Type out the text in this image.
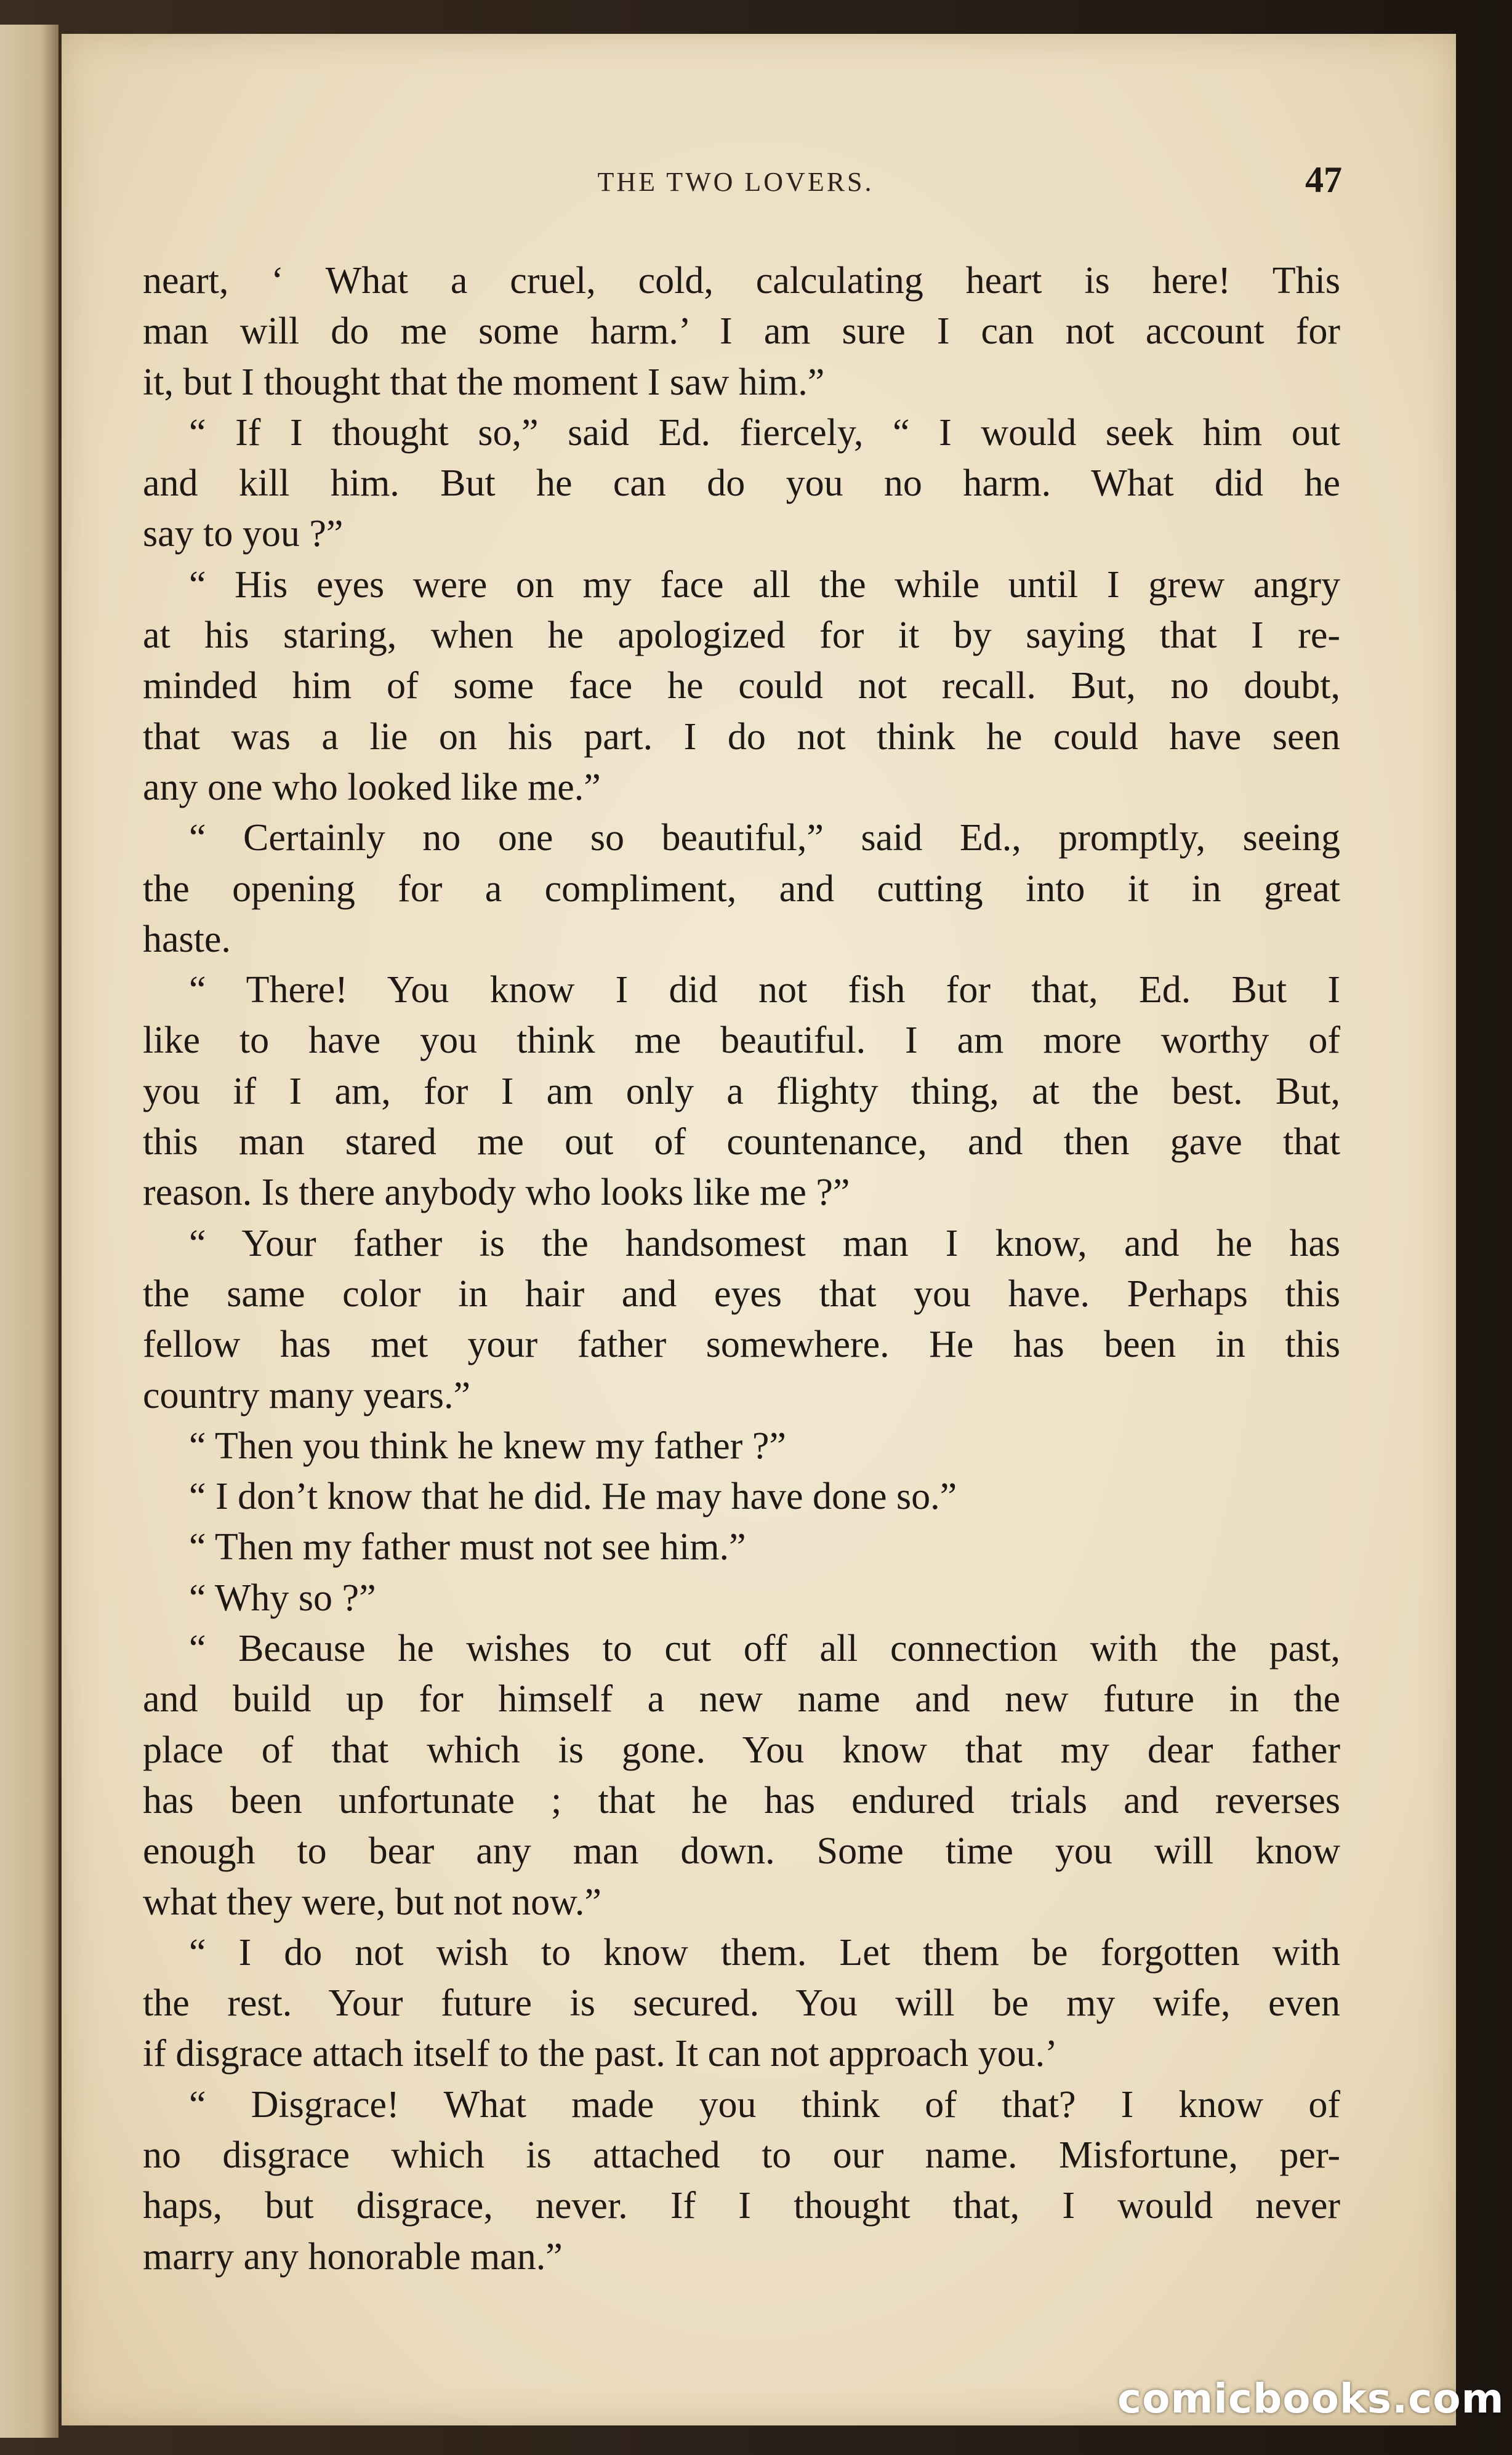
THE TWO LOVERS.	47
neart, ‘ What a cruel, cold, calculating heart is here! This
man will do me some harm.’ I am sure I can not account for
it, but I thought that the moment I saw him.”
“ If I thought so,” said Ed. fiercely, “ I would seek him out
and kill him. But he can do you no harm. What did he
say to you ?”
“ His eyes were on my face all the while until I grew angry
at his staring, when he apologized for it by saying that I re-
minded him of some face he could not recall. But, no doubt,
that was a lie on his part. I do not think he could have seen
any one who looked like me.”
“ Certainly no one so beautiful,” said Ed., promptly, seeing
the opening for a compliment, and cutting into it in great
haste.
“ There! You know I did not fish for that, Ed. But I
like to have you think me beautiful. I am more worthy of
you if I am, for I am only a flighty thing, at the best. But,
this man stared me out of countenance, and then gave that
reason. Is there anybody who looks like me ?”
“ Your father is the handsomest man I know, and he has
the same color in hair and eyes that you have. Perhaps this
fellow has met your father somewhere. He has been in this
country many years.”
“ Then you think he knew my father ?”
“ I don’t know that he did. He may have done so.”
“ Then my father must not see him.”
“ Why so ?”
“ Because he wishes to cut off all connection with the past,
and build up for himself a new name and new future in the
place of that which is gone. You know that my dear father
has been unfortunate ; that he has endured trials and reverses
enough to bear any man down. Some time you will know
what they were, but not now.”
“ I do not wish to know them. Let them be forgotten with
the rest. Your future is secured. You will be my wife, even
if disgrace attach itself to the past. It can not approach you.’
“ Disgrace! What made you think of that? I know of
no disgrace which is attached to our name. Misfortune, per-
haps, but disgrace, never. If I thought that, I would never
marry any honorable man.”
comicbooks.com
